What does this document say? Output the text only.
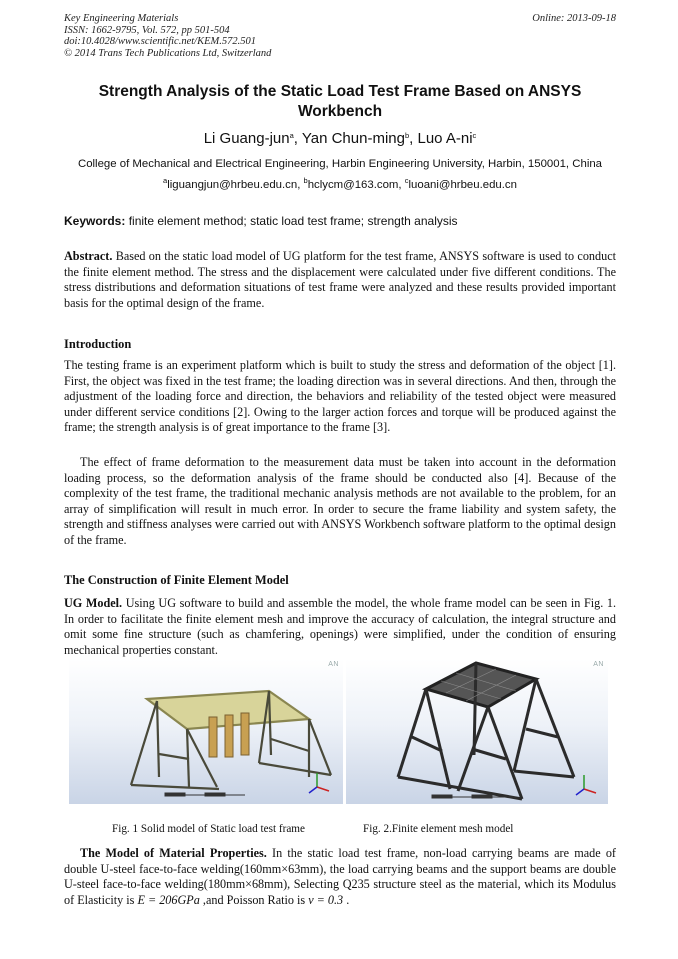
Key Engineering Materials
ISSN: 1662-9795, Vol. 572, pp 501-504
doi:10.4028/www.scientific.net/KEM.572.501
© 2014 Trans Tech Publications Ltd, Switzerland
Online: 2013-09-18
Strength Analysis of the Static Load Test Frame Based on ANSYS Workbench
Li Guang-jun$^a$, Yan Chun-ming$^b$, Luo $A-ni^c$
College of Mechanical and Electrical Engineering, Harbin Engineering University, Harbin, 150001, China
$^a$liguangjun@hrbeu.edu.cn, $^b$hclycm@163.com, $^c$luoani@hrbeu.edu.cn
Keywords: finite element method; static load test frame; strength analysis

Abstract. Based on the static load model of UG platform for the test frame, ANSYS software is used to conduct the finite element method. The stress and the displacement were calculated under five different conditions. The stress distributions and deformation situations of test frame were analyzed and these results provided important basis for the optimal design of the frame.

Introduction

The testing frame is an experiment platform which is built to study the stress and deformation of the object [1]. First, the object was fixed in the test frame; the loading direction was in several directions. And then, through the adjustment of the loading force and direction, the behaviors and reliability of the tested object were measured under different service conditions [2]. Owing to the larger action forces and torque will be produced against the frame; the strength analysis is of great importance to the frame [3].

The effect of frame deformation to the measurement data must be taken into account in the deformation loading process, so the deformation analysis of the frame should be conducted also [4]. Because of the complexity of the test frame, the traditional mechanic analysis methods are not available to the problem, for an array of simplification will result in much error. In order to secure the frame liability and system safety, the strength and stiffness analyses were carried out with ANSYS Workbench software platform to the optimal design of the frame.

The Construction of Finite Element Model

UG Model. Using UG software to build and assemble the model, the whole frame model can be seen in Fig. 1. In order to facilitate the finite element mesh and improve the accuracy of calculation, the integral structure and omit some fine structure (such as chamfering, openings) were simplified, under the condition of ensuring mechanical properties constant.

AN	AN
Fig. 1 Solid model of Static load test frame	Fig. 2.Finite element mesh model

The Model of Material Properties. In the static load test frame, non-load carrying beams are made of double U-steel face-to-face welding(160mm×63mm), the load carrying beams and the support beams are double U-steel face-to-face welding(180mm×68mm), Selecting Q235 structure steel as the material, which its Modulus of Elasticity is E = 206GPa ,and Poisson Ratio is ν = 0.3 .
